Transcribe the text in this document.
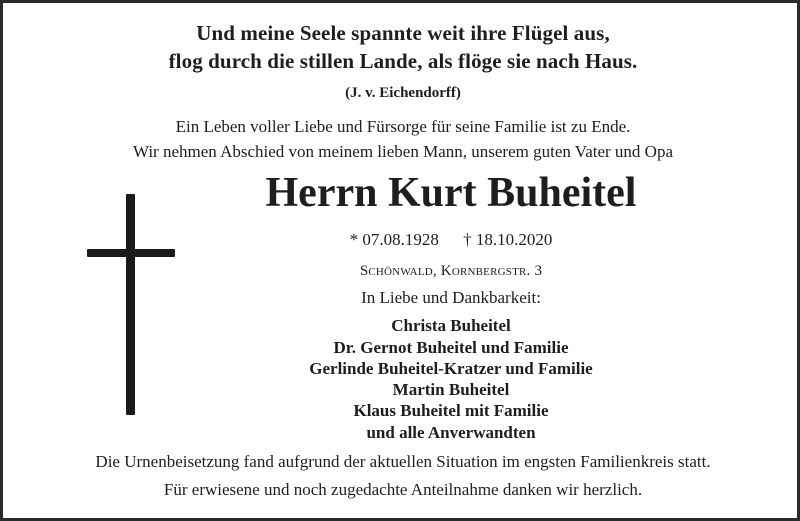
Und meine Seele spannte weit ihre Flügel aus,
flog durch die stillen Lande, als flöge sie nach Haus.
(J. v. Eichendorff)
Ein Leben voller Liebe und Fürsorge für seine Familie ist zu Ende.
Wir nehmen Abschied von meinem lieben Mann, unserem guten Vater und Opa
Herrn Kurt Buheitel
* 07.08.1928 † 18.10.2020
Schönwald, Kornbergstr. 3
In Liebe und Dankbarkeit:
Christa Buheitel
Dr. Gernot Buheitel und Familie
Gerlinde Buheitel-Kratzer und Familie
Martin Buheitel
Klaus Buheitel mit Familie
und alle Anverwandten
Die Urnenbeisetzung fand aufgrund der aktuellen Situation im engsten Familienkreis statt.
Für erwiesene und noch zugedachte Anteilnahme danken wir herzlich.
